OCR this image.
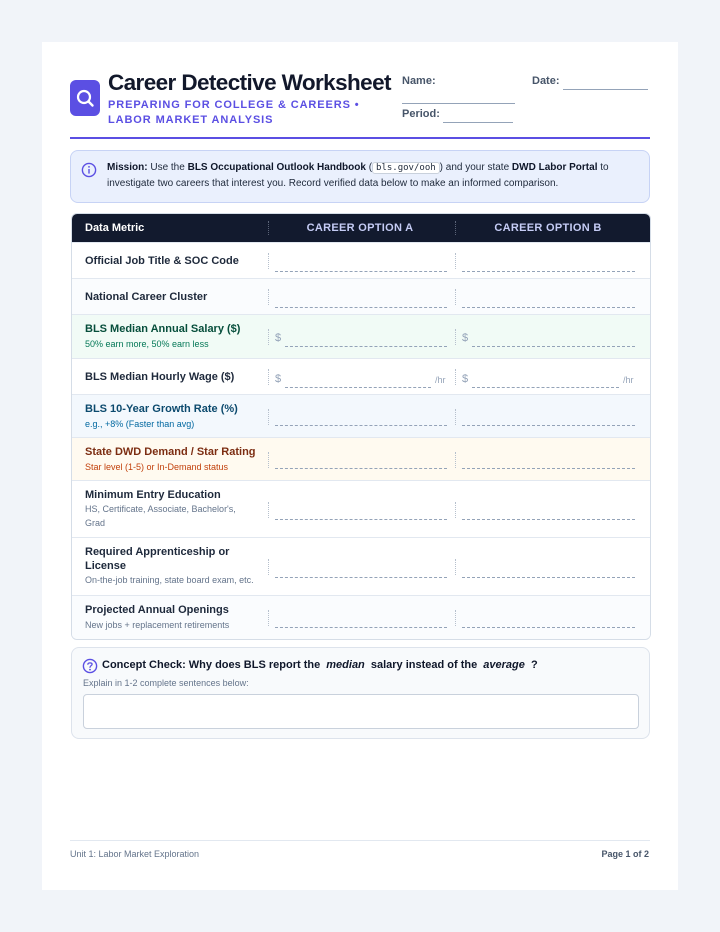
Career Detective Worksheet
PREPARING FOR COLLEGE & CAREERS • LABOR MARKET ANALYSIS
Name:	Date:
Period:
Mission: Use the BLS Occupational Outlook Handbook ( bls.gov/ooh ) and your state DWD Labor Portal to investigate two careers that interest you. Record verified data below to make an informed comparison.
Data Metric	CAREER OPTION A	CAREER OPTION B
Official Job Title & SOC Code
National Career Cluster
BLS Median Annual Salary ($)
50% earn more, 50% earn less	$	$
BLS Median Hourly Wage ($)	$	/hr $	/hr
BLS 10-Year Growth Rate (%)
e.g., +8% (Faster than avg)
State DWD Demand / Star Rating
Star level (1-5) or In-Demand status
Minimum Entry Education
HS, Certificate, Associate, Bachelor's, Grad
Required Apprenticeship or License
On-the-job training, state board exam, etc.
Projected Annual Openings
New jobs + replacement retirements
Concept Check: Why does BLS report the median salary instead of the average ?
Explain in 1-2 complete sentences below:
Unit 1: Labor Market Exploration	Page 1 of 2
